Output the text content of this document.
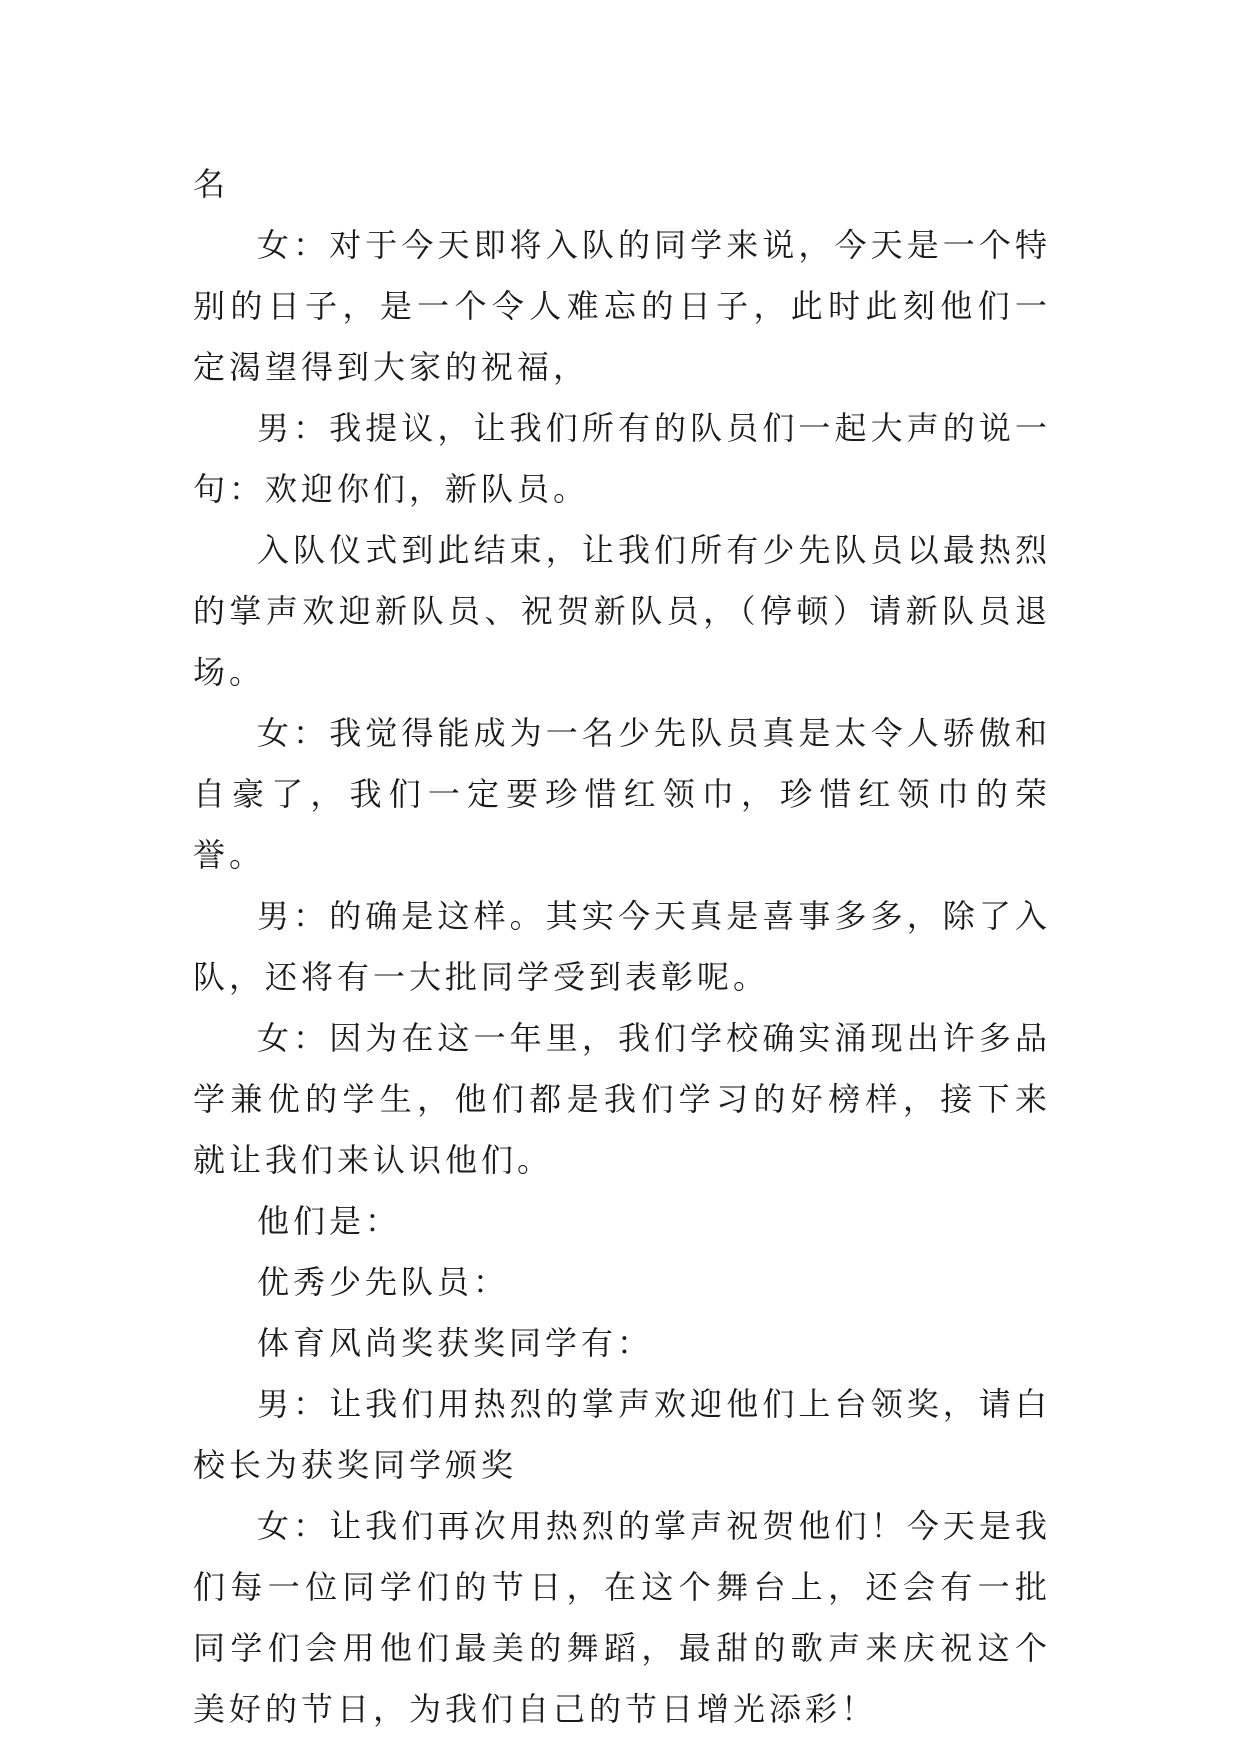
名

女：对于今天即将入队的同学来说，今天是一个特别的日子，是一个令人难忘的日子，此时此刻他们一定渴望得到大家的祝福，

男：我提议，让我们所有的队员们一起大声的说一句：欢迎你们，新队员。

入队仪式到此结束，让我们所有少先队员以最热烈的掌声欢迎新队员、祝贺新队员，（停顿）请新队员退场。

女：我觉得能成为一名少先队员真是太令人骄傲和自豪了，我们一定要珍惜红领巾，珍惜红领巾的荣誉。

男：的确是这样。其实今天真是喜事多多，除了入队，还将有一大批同学受到表彰呢。

女：因为在这一年里，我们学校确实涌现出许多品学兼优的学生，他们都是我们学习的好榜样，接下来就让我们来认识他们。

他们是：

优秀少先队员：

体育风尚奖获奖同学有：

男：让我们用热烈的掌声欢迎他们上台领奖，请白校长为获奖同学颁奖

女：让我们再次用热烈的掌声祝贺他们！今天是我们每一位同学们的节日，在这个舞台上，还会有一批同学们会用他们最美的舞蹈，最甜的歌声来庆祝这个美好的节日，为我们自己的节日增光添彩！
